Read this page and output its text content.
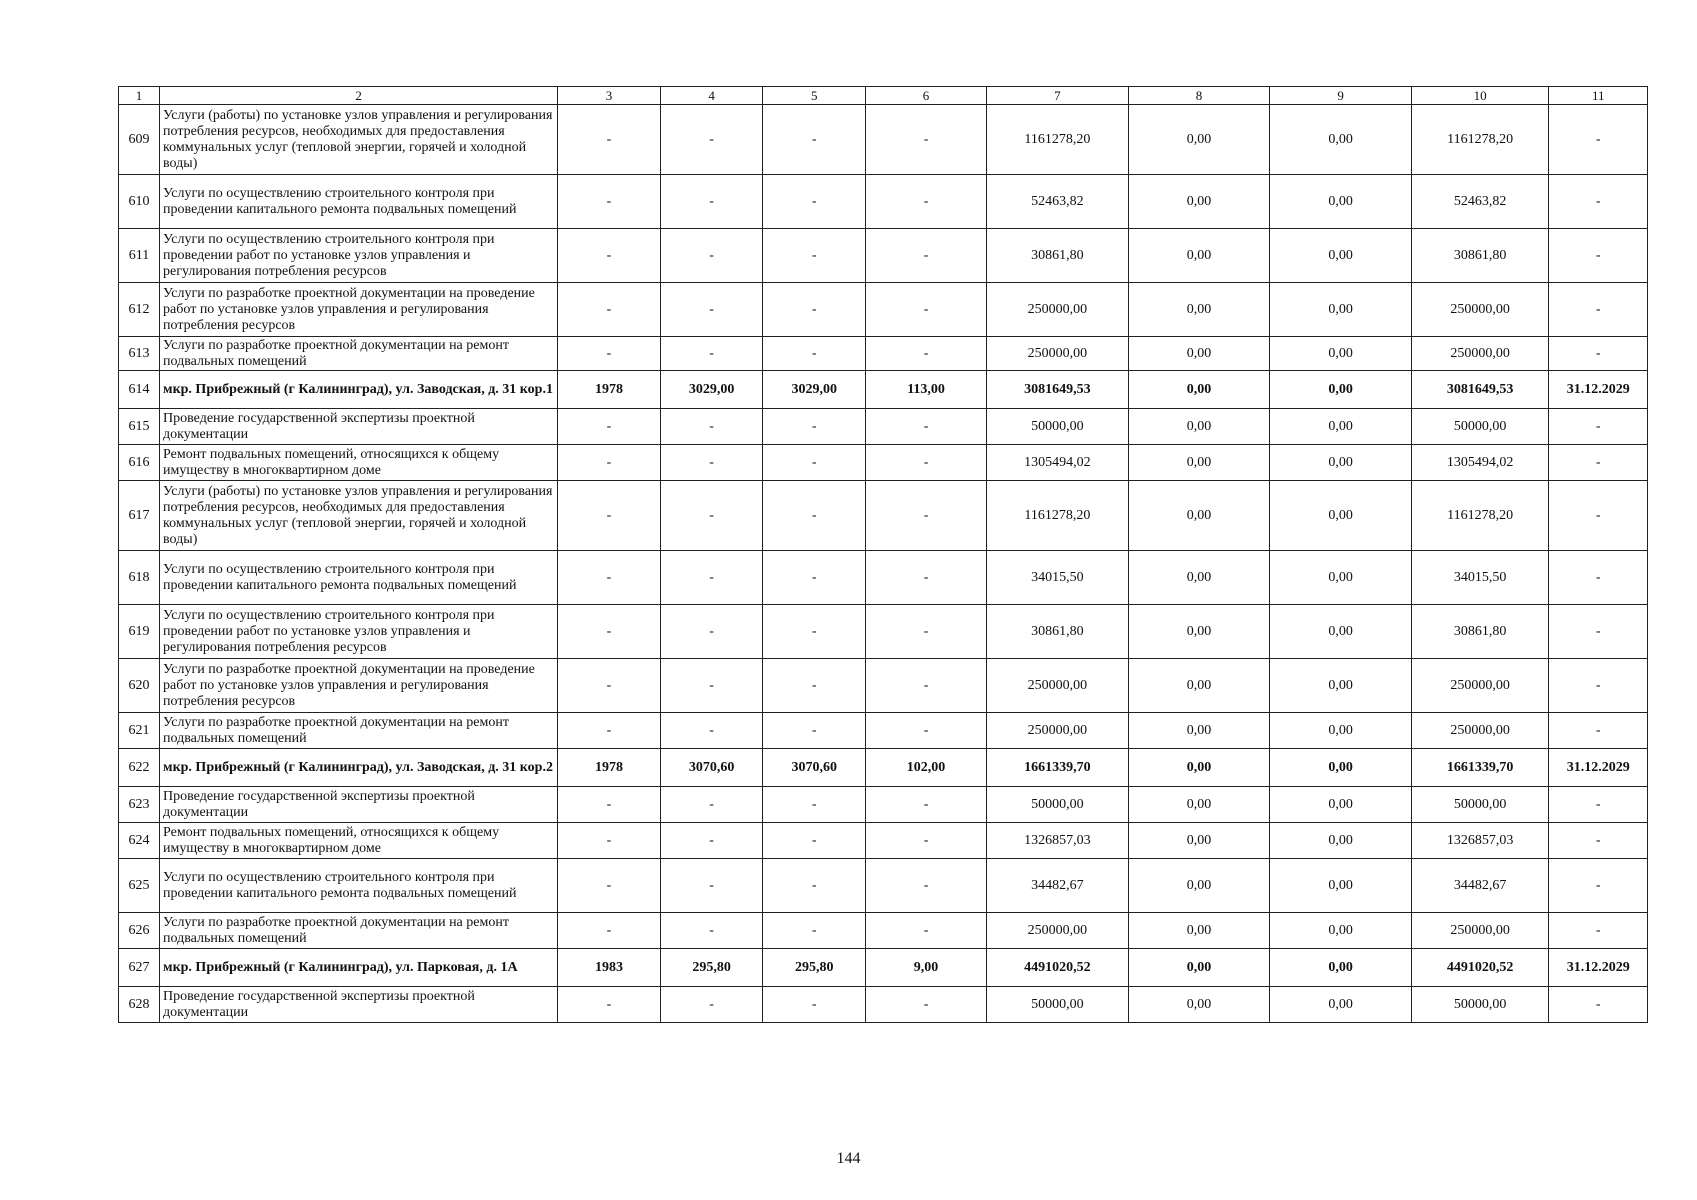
1	2	3	4	5	6	7	8	9	10	11
609	Услуги (работы) по установке узлов управления и регулирования потребления ресурсов, необходимых для предоставления коммунальных услуг (тепловой энергии, горячей и холодной воды)	-	-	-	-	1161278,20	0,00	0,00	1161278,20	-
610	Услуги по осуществлению строительного контроля при проведении капитального ремонта подвальных помещений	-	-	-	-	52463,82	0,00	0,00	52463,82	-
611	Услуги по осуществлению строительного контроля при проведении работ по установке узлов управления и регулирования потребления ресурсов	-	-	-	-	30861,80	0,00	0,00	30861,80	-
612	Услуги по разработке проектной документации на проведение работ по установке узлов управления и регулирования потребления ресурсов	-	-	-	-	250000,00	0,00	0,00	250000,00	-
613	Услуги по разработке проектной документации на ремонт подвальных помещений	-	-	-	-	250000,00	0,00	0,00	250000,00	-
614	мкр. Прибрежный (г Калининград), ул. Заводская, д. 31 кор.1	1978	3029,00	3029,00	113,00	3081649,53	0,00	0,00	3081649,53	31.12.2029
615	Проведение государственной экспертизы проектной документации	-	-	-	-	50000,00	0,00	0,00	50000,00	-
616	Ремонт подвальных помещений, относящихся к общему имуществу в многоквартирном доме	-	-	-	-	1305494,02	0,00	0,00	1305494,02	-
617	Услуги (работы) по установке узлов управления и регулирования потребления ресурсов, необходимых для предоставления коммунальных услуг (тепловой энергии, горячей и холодной воды)	-	-	-	-	1161278,20	0,00	0,00	1161278,20	-
618	Услуги по осуществлению строительного контроля при проведении капитального ремонта подвальных помещений	-	-	-	-	34015,50	0,00	0,00	34015,50	-
619	Услуги по осуществлению строительного контроля при проведении работ по установке узлов управления и регулирования потребления ресурсов	-	-	-	-	30861,80	0,00	0,00	30861,80	-
620	Услуги по разработке проектной документации на проведение работ по установке узлов управления и регулирования потребления ресурсов	-	-	-	-	250000,00	0,00	0,00	250000,00	-
621	Услуги по разработке проектной документации на ремонт подвальных помещений	-	-	-	-	250000,00	0,00	0,00	250000,00	-
622	мкр. Прибрежный (г Калининград), ул. Заводская, д. 31 кор.2	1978	3070,60	3070,60	102,00	1661339,70	0,00	0,00	1661339,70	31.12.2029
623	Проведение государственной экспертизы проектной документации	-	-	-	-	50000,00	0,00	0,00	50000,00	-
624	Ремонт подвальных помещений, относящихся к общему имуществу в многоквартирном доме	-	-	-	-	1326857,03	0,00	0,00	1326857,03	-
625	Услуги по осуществлению строительного контроля при проведении капитального ремонта подвальных помещений	-	-	-	-	34482,67	0,00	0,00	34482,67	-
626	Услуги по разработке проектной документации на ремонт подвальных помещений	-	-	-	-	250000,00	0,00	0,00	250000,00	-
627	мкр. Прибрежный (г Калининград), ул. Парковая, д. 1А	1983	295,80	295,80	9,00	4491020,52	0,00	0,00	4491020,52	31.12.2029
628	Проведение государственной экспертизы проектной документации	-	-	-	-	50000,00	0,00	0,00	50000,00	-
144
